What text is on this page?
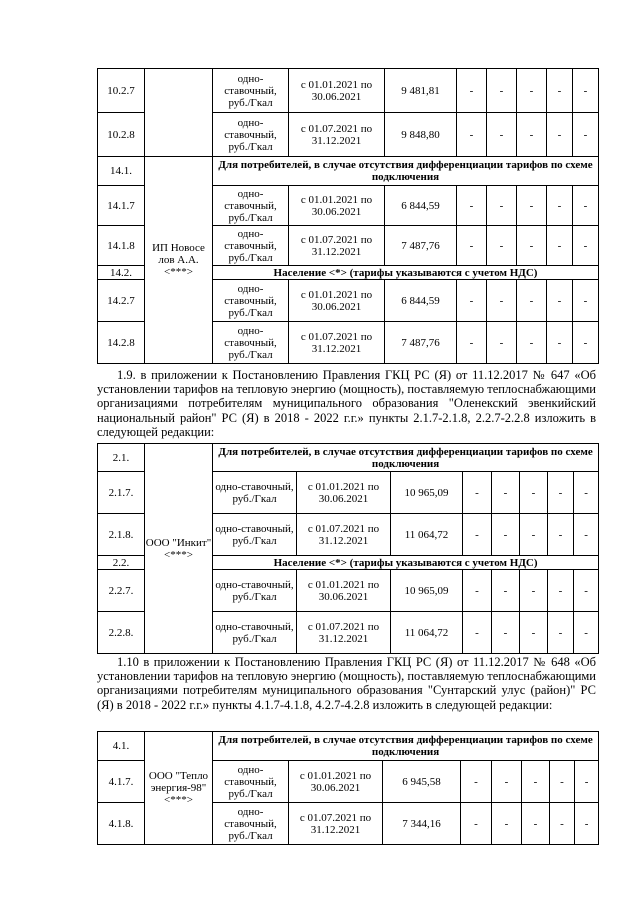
10.2.7		одно-ставочный, руб./Гкал	с 01.01.2021 по 30.06.2021	9 481,81	-	-	-	-	-
10.2.8		одно-ставочный, руб./Гкал	с 01.07.2021 по 31.12.2021	9 848,80	-	-	-	-	-
14.1.	ИП Новосе лов А.А. <***>	Для потребителей, в случае отсутствия дифференциации тарифов по схеме подключения							
14.1.7		одно-ставочный, руб./Гкал	с 01.01.2021 по 30.06.2021	6 844,59	-	-	-	-	-
14.1.8		одно-ставочный, руб./Гкал	с 01.07.2021 по 31.12.2021	7 487,76	-	-	-	-	-
14.2.		Население <*> (тарифы указываются с учетом НДС)							
14.2.7		одно-ставочный, руб./Гкал	с 01.01.2021 по 30.06.2021	6 844,59	-	-	-	-	-
14.2.8		одно-ставочный, руб./Гкал	с 01.07.2021 по 31.12.2021	7 487,76	-	-	-	-	-
1.9. в приложении к Постановлению Правления ГКЦ РС (Я) от 11.12.2017 № 647 «Об установлении тарифов на тепловую энергию (мощность), поставляемую теплоснабжающими организациями потребителям муниципального образования "Оленекский эвенкийский национальный район" РС (Я) в 2018 - 2022 г.г.» пункты 2.1.7-2.1.8, 2.2.7-2.2.8 изложить в следующей редакции:
2.1.	ООО "Инкит" <***>	Для потребителей, в случае отсутствия дифференциации тарифов по схеме подключения							
2.1.7.		одно-ставочный, руб./Гкал	с 01.01.2021 по 30.06.2021	10 965,09	-	-	-	-	-
2.1.8.		одно-ставочный, руб./Гкал	с 01.07.2021 по 31.12.2021	11 064,72	-	-	-	-	-
2.2.		Население <*> (тарифы указываются с учетом НДС)							
2.2.7.		одно-ставочный, руб./Гкал	с 01.01.2021 по 30.06.2021	10 965,09	-	-	-	-	-
2.2.8.		одно-ставочный, руб./Гкал	с 01.07.2021 по 31.12.2021	11 064,72	-	-	-	-	-
1.10 в приложении к Постановлению Правления ГКЦ РС (Я) от 11.12.2017 № 648 «Об установлении тарифов на тепловую энергию (мощность), поставляемую теплоснабжающими организациями потребителям муниципального образования "Сунтарский улус (район)" РС (Я) в 2018 - 2022 г.г.» пункты 4.1.7-4.1.8, 4.2.7-4.2.8 изложить в следующей редакции:
4.1.	ООО "Тепло энергия-98" <***>	Для потребителей, в случае отсутствия дифференциации тарифов по схеме подключения							
4.1.7.		одно-ставочный, руб./Гкал	с 01.01.2021 по 30.06.2021	6 945,58	-	-	-	-	-
4.1.8.		одно-ставочный, руб./Гкал	с 01.07.2021 по 31.12.2021	7 344,16	-	-	-	-	-
